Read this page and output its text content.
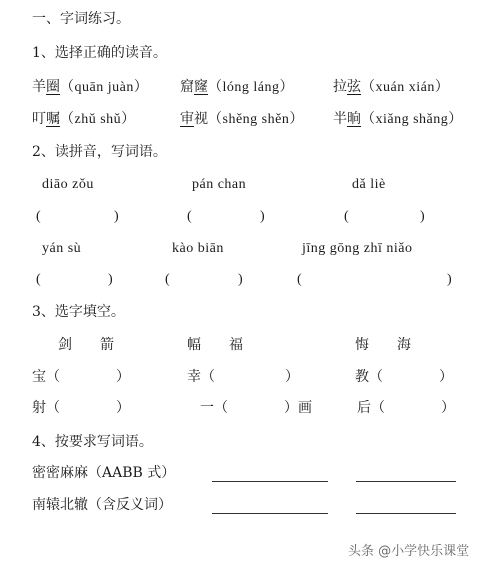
一、字词练习。
1、选择正确的读音。
羊圈（quān juàn） 窟窿（lóng láng）	拉弦（xuán xián）
叮嘱（zhǔ shǔ）	审视（shěng shěn） 半晌（xiǎng shǎng）
2、读拼音，写词语。
diāo zǒu	pán chan	dǎ liè
(	)	(	)	(	)
yán sù	kào biān	jīng gōng zhī niǎo
(	)	(	)	(	)
3、选字填空。
剑　　箭	幅　　福	悔　　海
宝（　　　　）	幸（　　　　　）	教（　　　　）
射（　　　　）	一（　　　　）画	后（　　　　）
4、按要求写词语。
密密麻麻（AABB 式）
南辕北辙（含反义词）
头条 @小学快乐课堂
